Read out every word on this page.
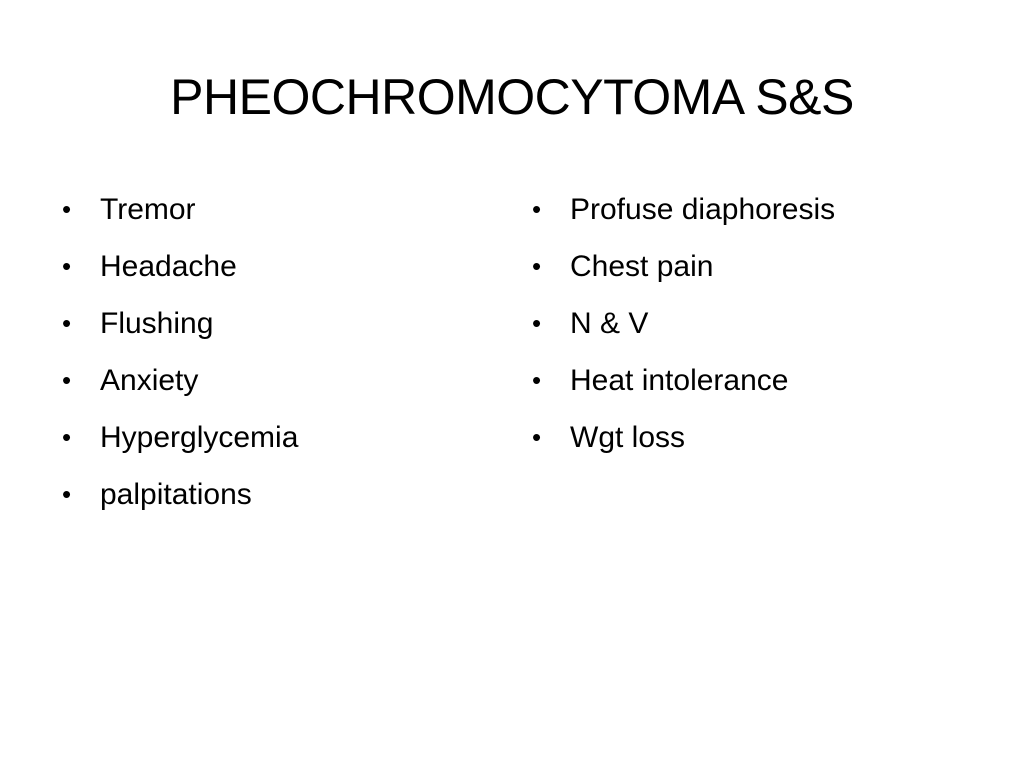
PHEOCHROMOCYTOMA S&S
• Tremor
• Headache
• Flushing
• Anxiety
• Hyperglycemia
• palpitations
• Profuse diaphoresis
• Chest pain
• N & V
• Heat intolerance
• Wgt loss
